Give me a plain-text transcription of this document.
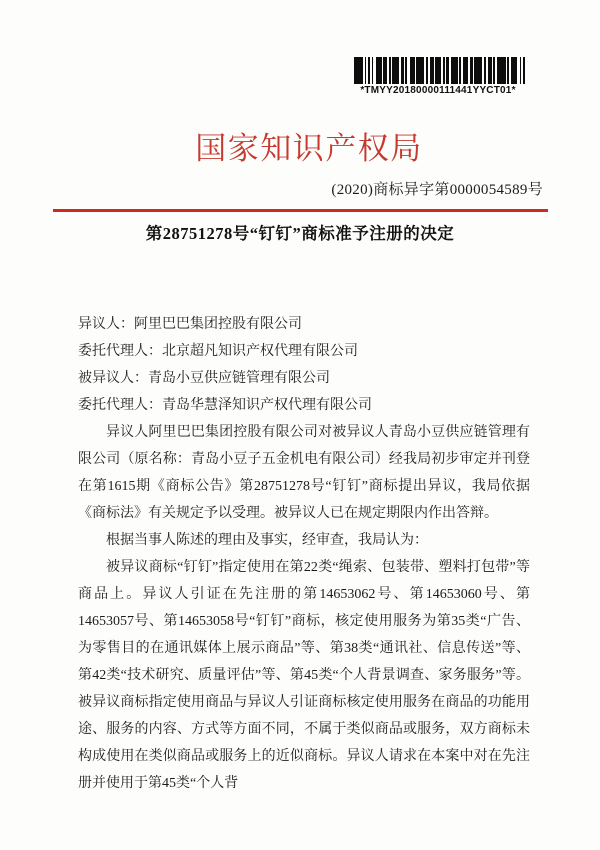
*TMYY20180000111441YYCT01*
国家知识产权局
(2020)商标异字第0000054589号
第28751278号“钉钉”商标准予注册的决定
异议人：阿里巴巴集团控股有限公司
委托代理人：北京超凡知识产权代理有限公司
被异议人：青岛小豆供应链管理有限公司
委托代理人：青岛华慧泽知识产权代理有限公司

异议人阿里巴巴集团控股有限公司对被异议人青岛小豆供应链管理有限公司（原名称：青岛小豆子五金机电有限公司）经我局初步审定并刊登在第1615期《商标公告》第28751278号“钉钉”商标提出异议，我局依据《商标法》有关规定予以受理。被异议人已在规定期限内作出答辩。

根据当事人陈述的理由及事实，经审查，我局认为：

被异议商标“钉钉”指定使用在第22类“绳索、包装带、塑料打包带”等商品上。异议人引证在先注册的第14653062号、第14653060号、第14653057号、第14653058号“钉钉”商标，核定使用服务为第35类“广告、为零售目的在通讯媒体上展示商品”等、第38类“通讯社、信息传送”等、第42类“技术研究、质量评估”等、第45类“个人背景调查、家务服务”等。被异议商标指定使用商品与异议人引证商标核定使用服务在商品的功能用途、服务的内容、方式等方面不同，不属于类似商品或服务，双方商标未构成使用在类似商品或服务上的近似商标。异议人请求在本案中对在先注册并使用于第45类“个人背
